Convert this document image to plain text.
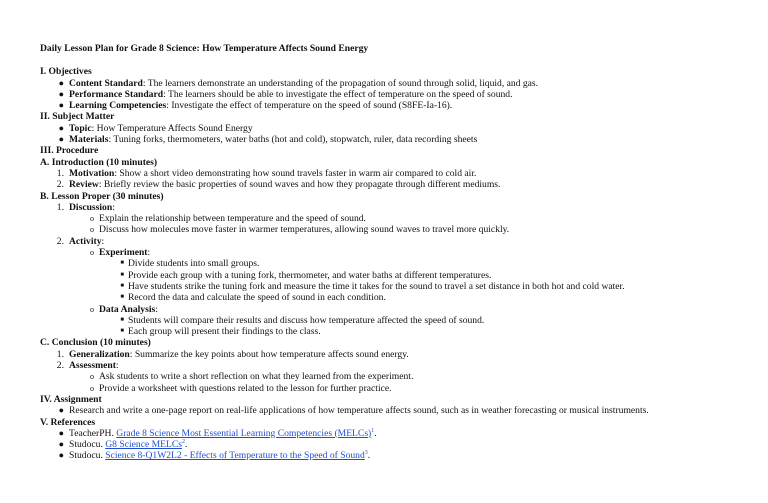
Daily Lesson Plan for Grade 8 Science: How Temperature Affects Sound Energy

I. Objectives

● Content Standard: The learners demonstrate an understanding of the propagation of sound through solid, liquid, and gas.
● Performance Standard: The learners should be able to investigate the effect of temperature on the speed of sound.
● Learning Competencies: Investigate the effect of temperature on the speed of sound (S8FE-Ia-16).

II. Subject Matter

● Topic: How Temperature Affects Sound Energy
● Materials: Tuning forks, thermometers, water baths (hot and cold), stopwatch, ruler, data recording sheets

III. Procedure

A. Introduction (10 minutes)

1. Motivation: Show a short video demonstrating how sound travels faster in warm air compared to cold air.
2. Review: Briefly review the basic properties of sound waves and how they propagate through different mediums.

B. Lesson Proper (30 minutes)

1. Discussion:
o Explain the relationship between temperature and the speed of sound.
o Discuss how molecules move faster in warmer temperatures, allowing sound waves to travel more quickly.
2. Activity:
o Experiment:
■ Divide students into small groups.
■ Provide each group with a tuning fork, thermometer, and water baths at different temperatures.
■ Have students strike the tuning fork and measure the time it takes for the sound to travel a set distance in both hot and cold water.
■ Record the data and calculate the speed of sound in each condition.
o Data Analysis:
■ Students will compare their results and discuss how temperature affected the speed of sound.
■ Each group will present their findings to the class.

C. Conclusion (10 minutes)

1. Generalization: Summarize the key points about how temperature affects sound energy.
2. Assessment:
o Ask students to write a short reflection on what they learned from the experiment.
o Provide a worksheet with questions related to the lesson for further practice.

IV. Assignment

● Research and write a one-page report on real-life applications of how temperature affects sound, such as in weather forecasting or musical instruments.

V. References

● TeacherPH. Grade 8 Science Most Essential Learning Competencies (MELCs)$^1$.
● Studocu. G8 Science MELCs$^2$.
● Studocu. Science 8-Q1W2L2 - Effects of Temperature to the Speed of Sound$^3$.
